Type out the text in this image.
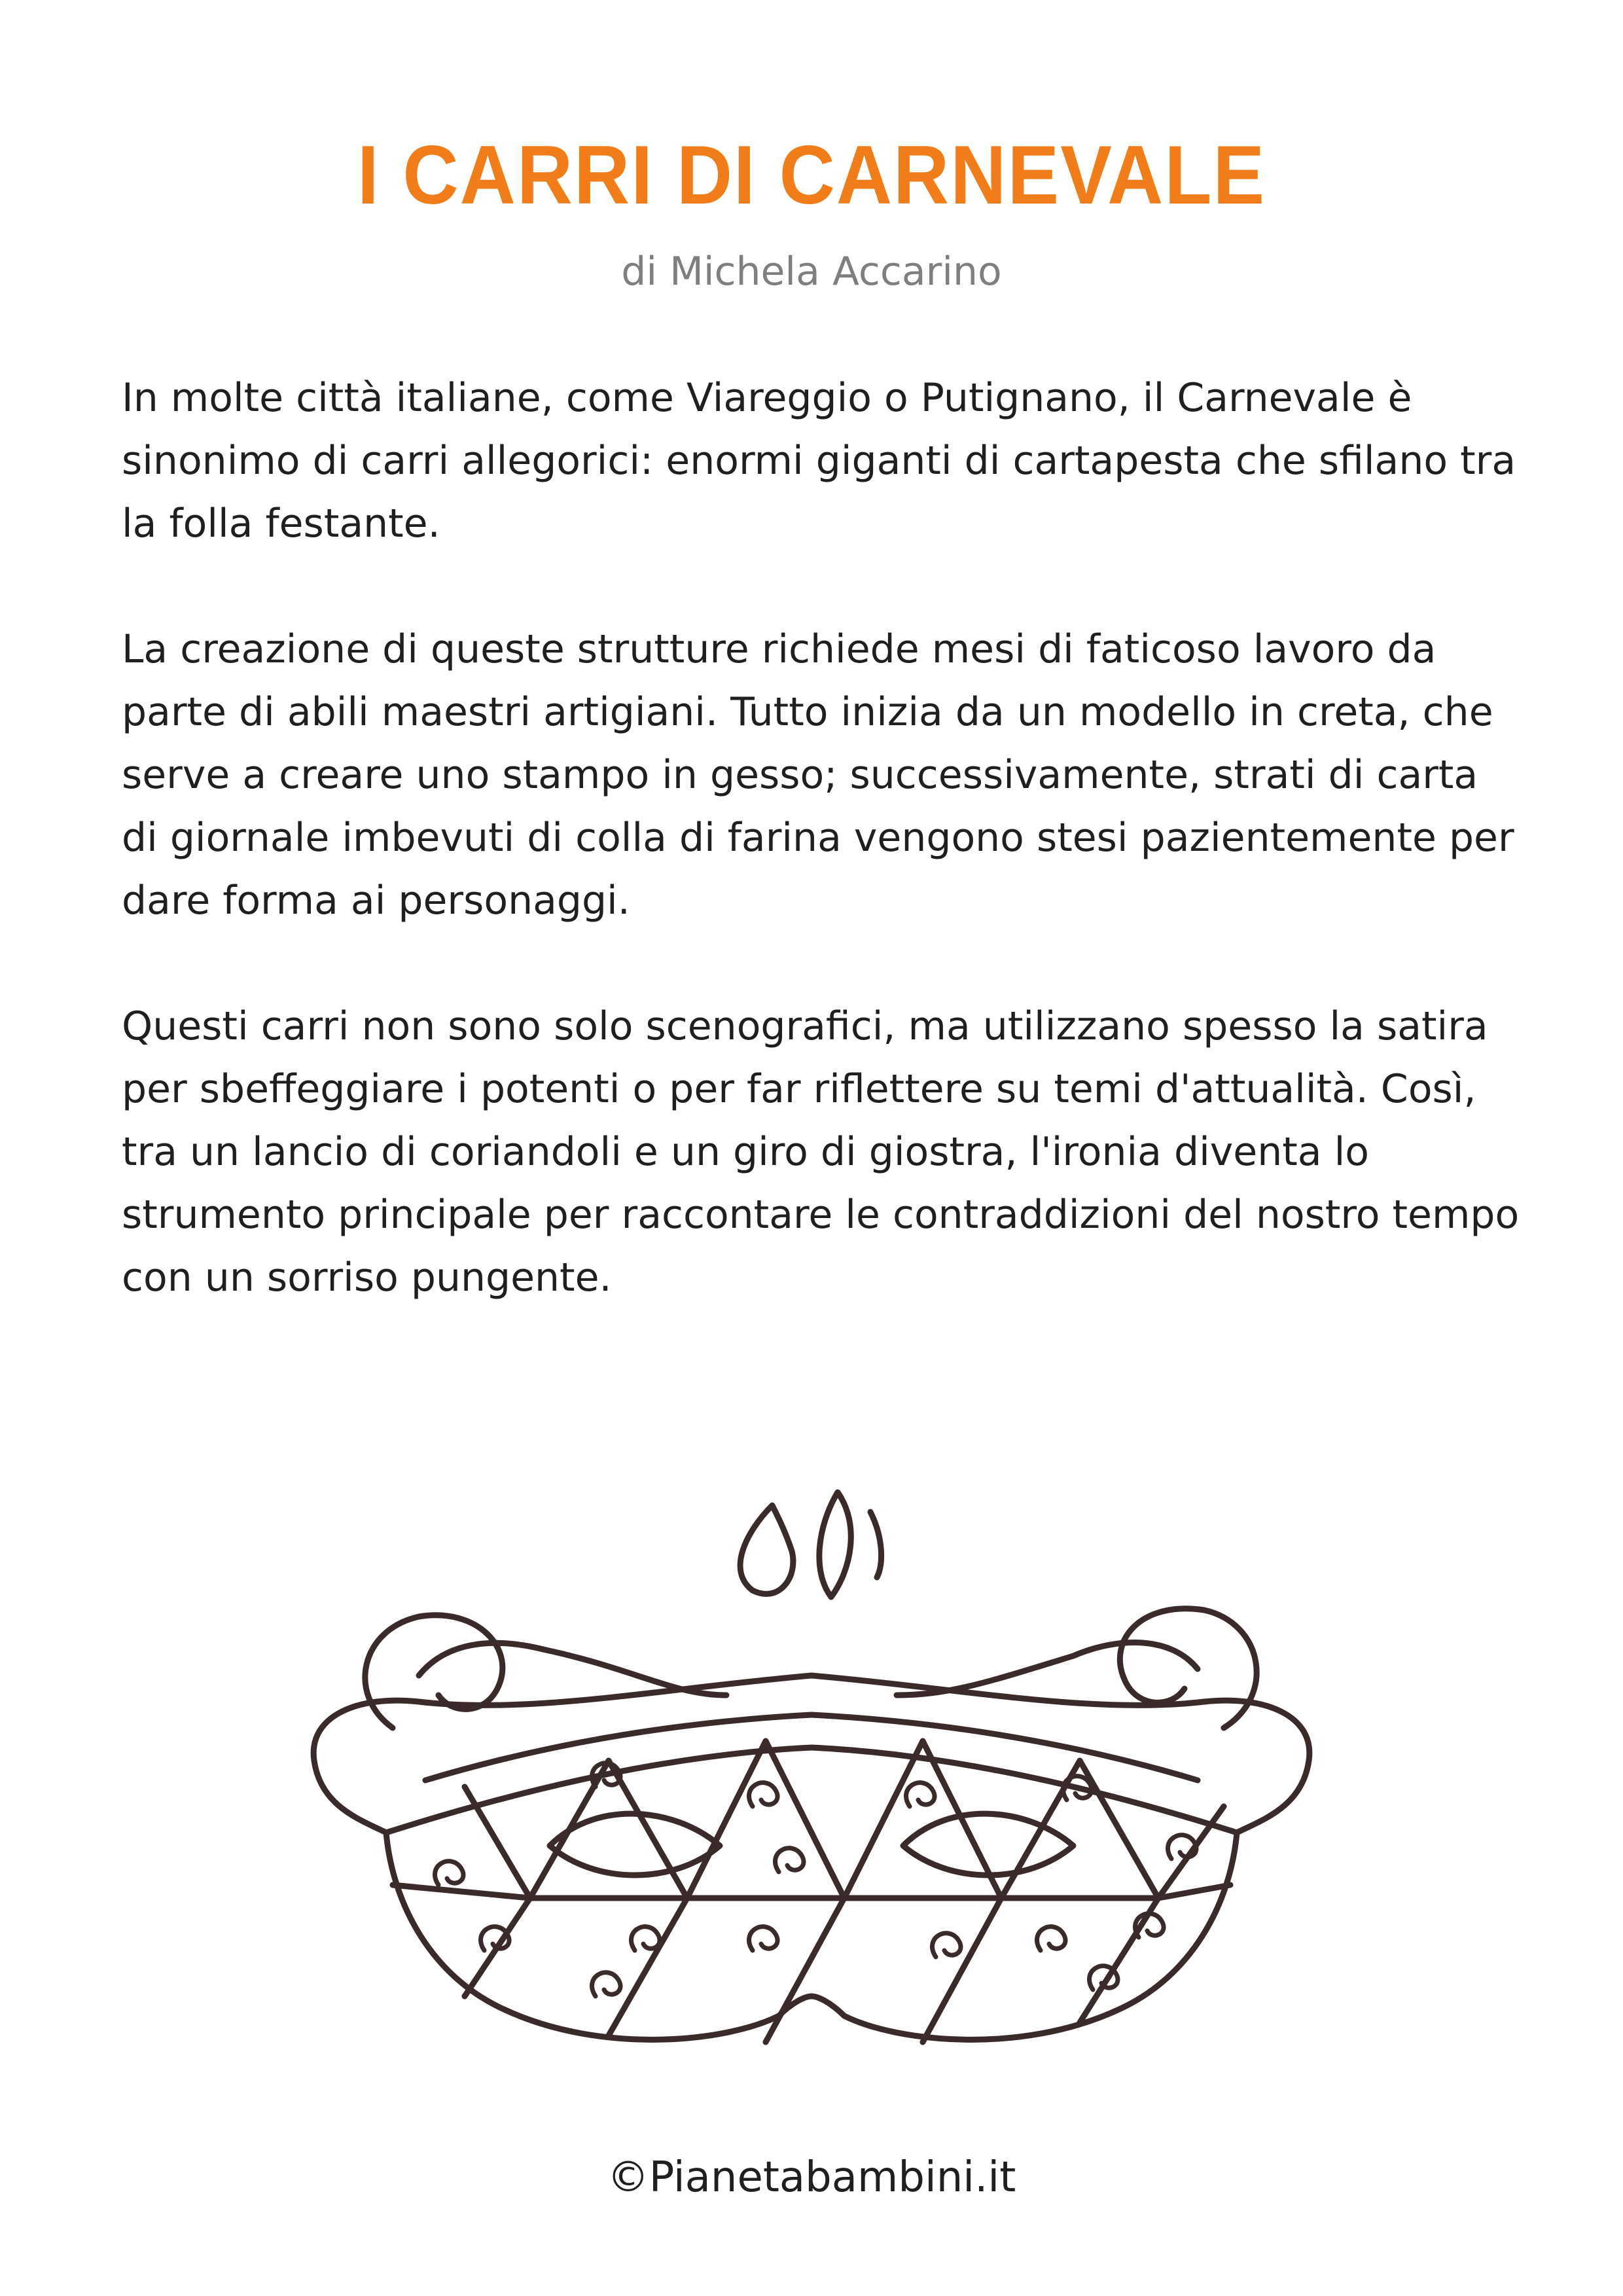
I CARRI DI CARNEVALE
di Michela Accarino

In molte città italiane, come Viareggio o Putignano, il Carnevale è sinonimo di carri allegorici: enormi giganti di cartapesta che sfilano tra la folla festante.

La creazione di queste strutture richiede mesi di faticoso lavoro da parte di abili maestri artigiani. Tutto inizia da un modello in creta, che serve a creare uno stampo in gesso; successivamente, strati di carta di giornale imbevuti di colla di farina vengono stesi pazientemente per dare forma ai personaggi.

Questi carri non sono solo scenografici, ma utilizzano spesso la satira per sbeffeggiare i potenti o per far riflettere su temi d'attualità. Così, tra un lancio di coriandoli e un giro di giostra, l'ironia diventa lo strumento principale per raccontare le contraddizioni del nostro tempo con un sorriso pungente.

©Pianetabambini.it
